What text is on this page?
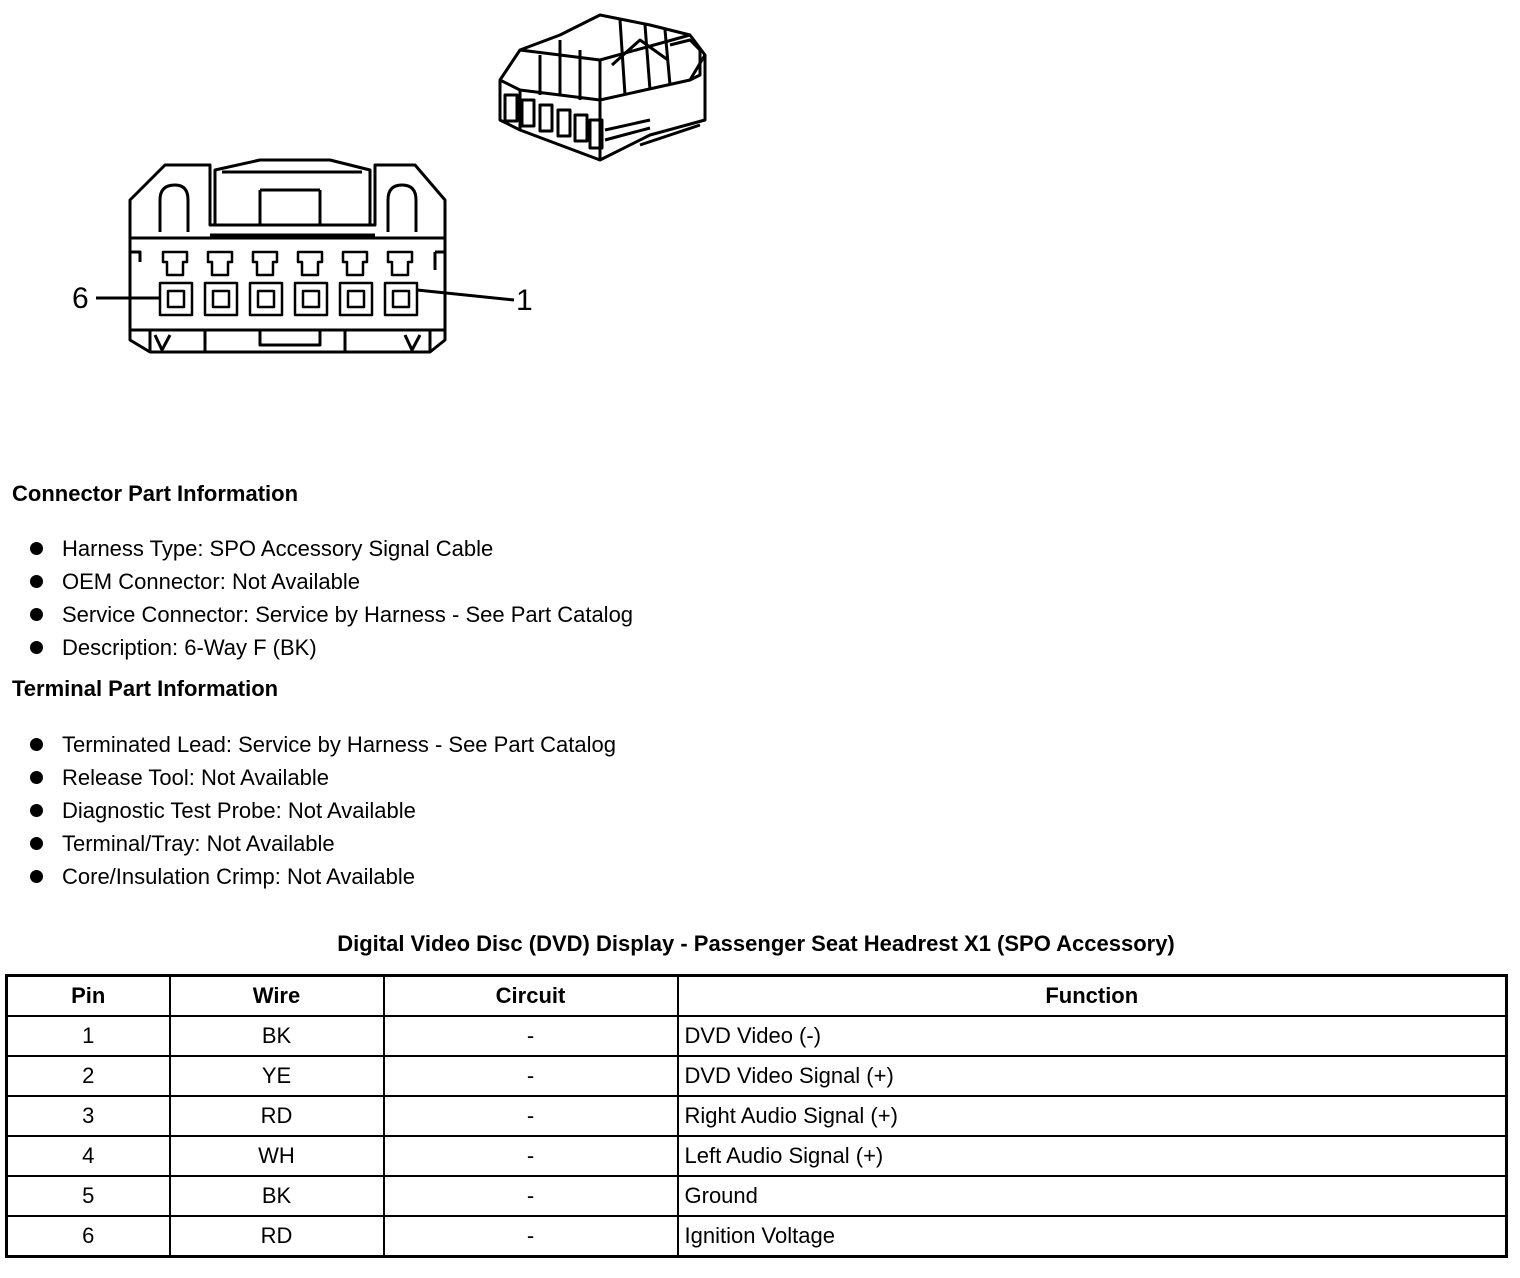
6	1
Connector Part Information
Harness Type: SPO Accessory Signal Cable
OEM Connector: Not Available
Service Connector: Service by Harness - See Part Catalog
Description: 6-Way F (BK)
Terminal Part Information
Terminated Lead: Service by Harness - See Part Catalog
Release Tool: Not Available
Diagnostic Test Probe: Not Available
Terminal/Tray: Not Available
Core/Insulation Crimp: Not Available
Digital Video Disc (DVD) Display - Passenger Seat Headrest X1 (SPO Accessory)
Pin	Wire	Circuit	Function
1	BK	-	DVD Video (-)
2	YE	-	DVD Video Signal (+)
3	RD	-	Right Audio Signal (+)
4	WH	-	Left Audio Signal (+)
5	BK	-	Ground
6	RD	-	Ignition Voltage
